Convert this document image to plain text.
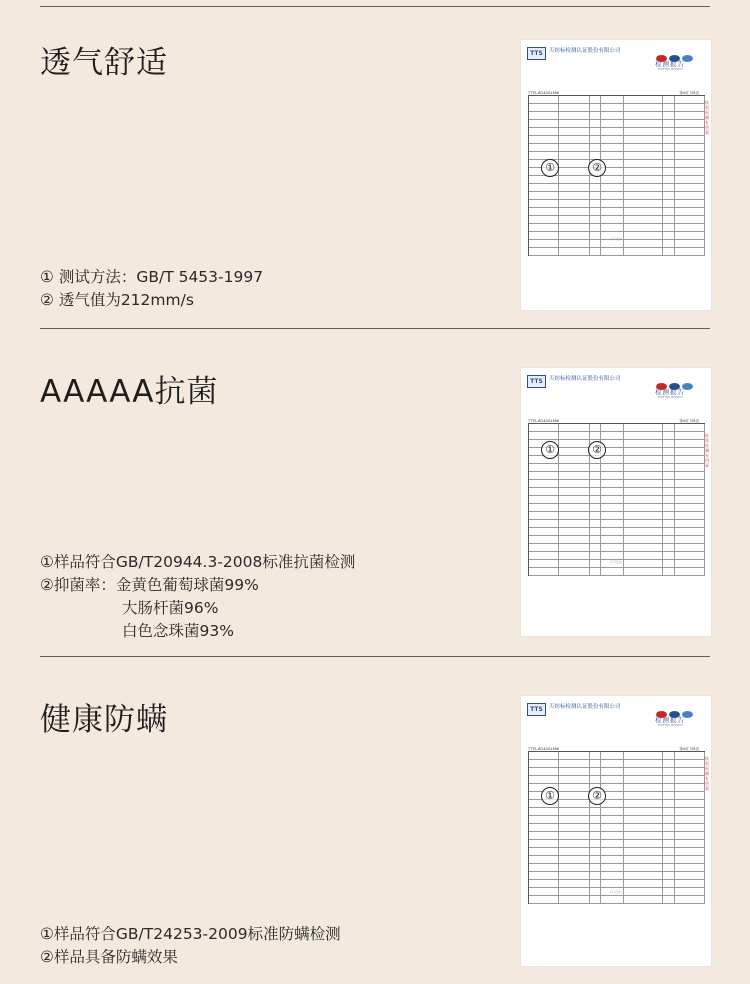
透气舒适
① 测试方法：GB/T 5453-1997
② 透气值为212mm/s
TTS	天纺标检测认证股份有限公司
检测报告
TESTING REPORT
TTTS-W24041366	第4页 共6页
检验检测专用章
以下空白
①	②
AAAAA抗菌
①样品符合GB/T20944.3-2008标准抗菌检测
②抑菌率：金黄色葡萄球菌99%
大肠杆菌96%
白色念珠菌93%
TTS	天纺标检测认证股份有限公司
检测报告
TESTING REPORT
TTTS-W24041366	第4页 共6页
检验检测专用章
以下空白
①	②
健康防螨
①样品符合GB/T24253-2009标准防螨检测
②样品具备防螨效果
TTS	天纺标检测认证股份有限公司
检测报告
TESTING REPORT
TTTS-W24041366	第4页 共6页
检验检测专用章
以下空白
①	②
